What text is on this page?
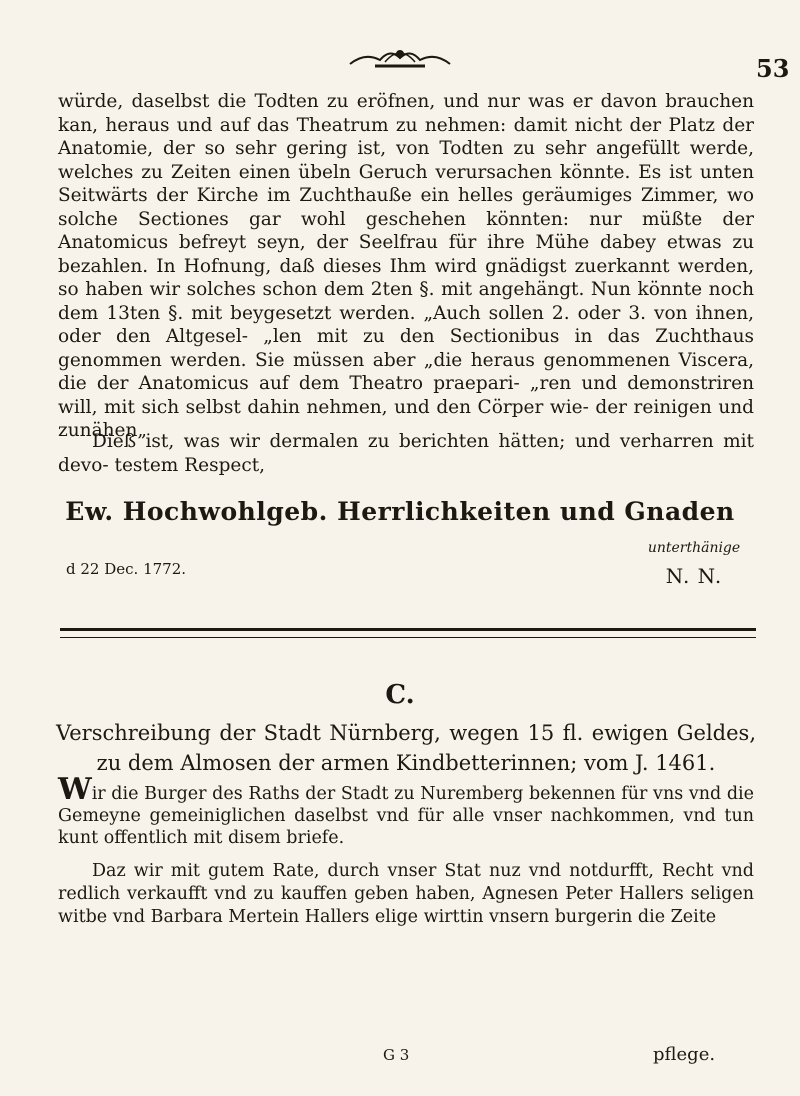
53
würde, daselbst die Todten zu eröfnen, und nur was er davon brauchen kan, heraus und auf das Theatrum zu nehmen: damit nicht der Platz der Anatomie, der so sehr gering ist, von Todten zu sehr angefüllt werde, welches zu Zeiten einen übeln Geruch verursachen könnte. Es ist unten Seitwärts der Kirche im Zuchthauße ein helles geräumiges Zimmer, wo solche Sectiones gar wohl geschehen könnten: nur müßte der Anatomicus befreyt seyn, der Seelfrau für ihre Mühe dabey etwas zu bezahlen. In Hofnung, daß dieses Ihm wird gnädigst zuerkannt werden, so haben wir solches schon dem 2ten §. mit angehängt. Nun könnte noch dem 13ten §. mit beygesetzt werden. „Auch sollen 2. oder 3. von ihnen, oder den Altgesel- „len mit zu den Sectionibus in das Zuchthaus genommen werden. Sie müssen aber „die heraus genommenen Viscera, die der Anatomicus auf dem Theatro praepari- „ren und demonstriren will, mit sich selbst dahin nehmen, und den Cörper wie- der reinigen und zunähen„
Dieß ist, was wir dermalen zu berichten hätten; und verharren mit devo- testem Respect,
Ew. Hochwohlgeb. Herrlichkeiten und Gnaden
d 22 Dec. 1772.
unterthänige
N. N.
C.
Verschreibung der Stadt Nürnberg, wegen 15 fl. ewigen Geldes, zu dem Almosen der armen Kindbetterinnen; vom J. 1461.
Wir die Burger des Raths der Stadt zu Nuremberg bekennen für vns vnd die Gemeyne gemeiniglichen daselbst vnd für alle vnser nachkommen, vnd tun kunt offentlich mit disem briefe.
Daz wir mit gutem Rate, durch vnser Stat nuz vnd notdurfft, Recht vnd redlich verkaufft vnd zu kauffen geben haben, Agnesen Peter Hallers seligen witbe vnd Barbara Mertein Hallers elige wirttin vnsern burgerin die Zeite
G 3	pflege.
